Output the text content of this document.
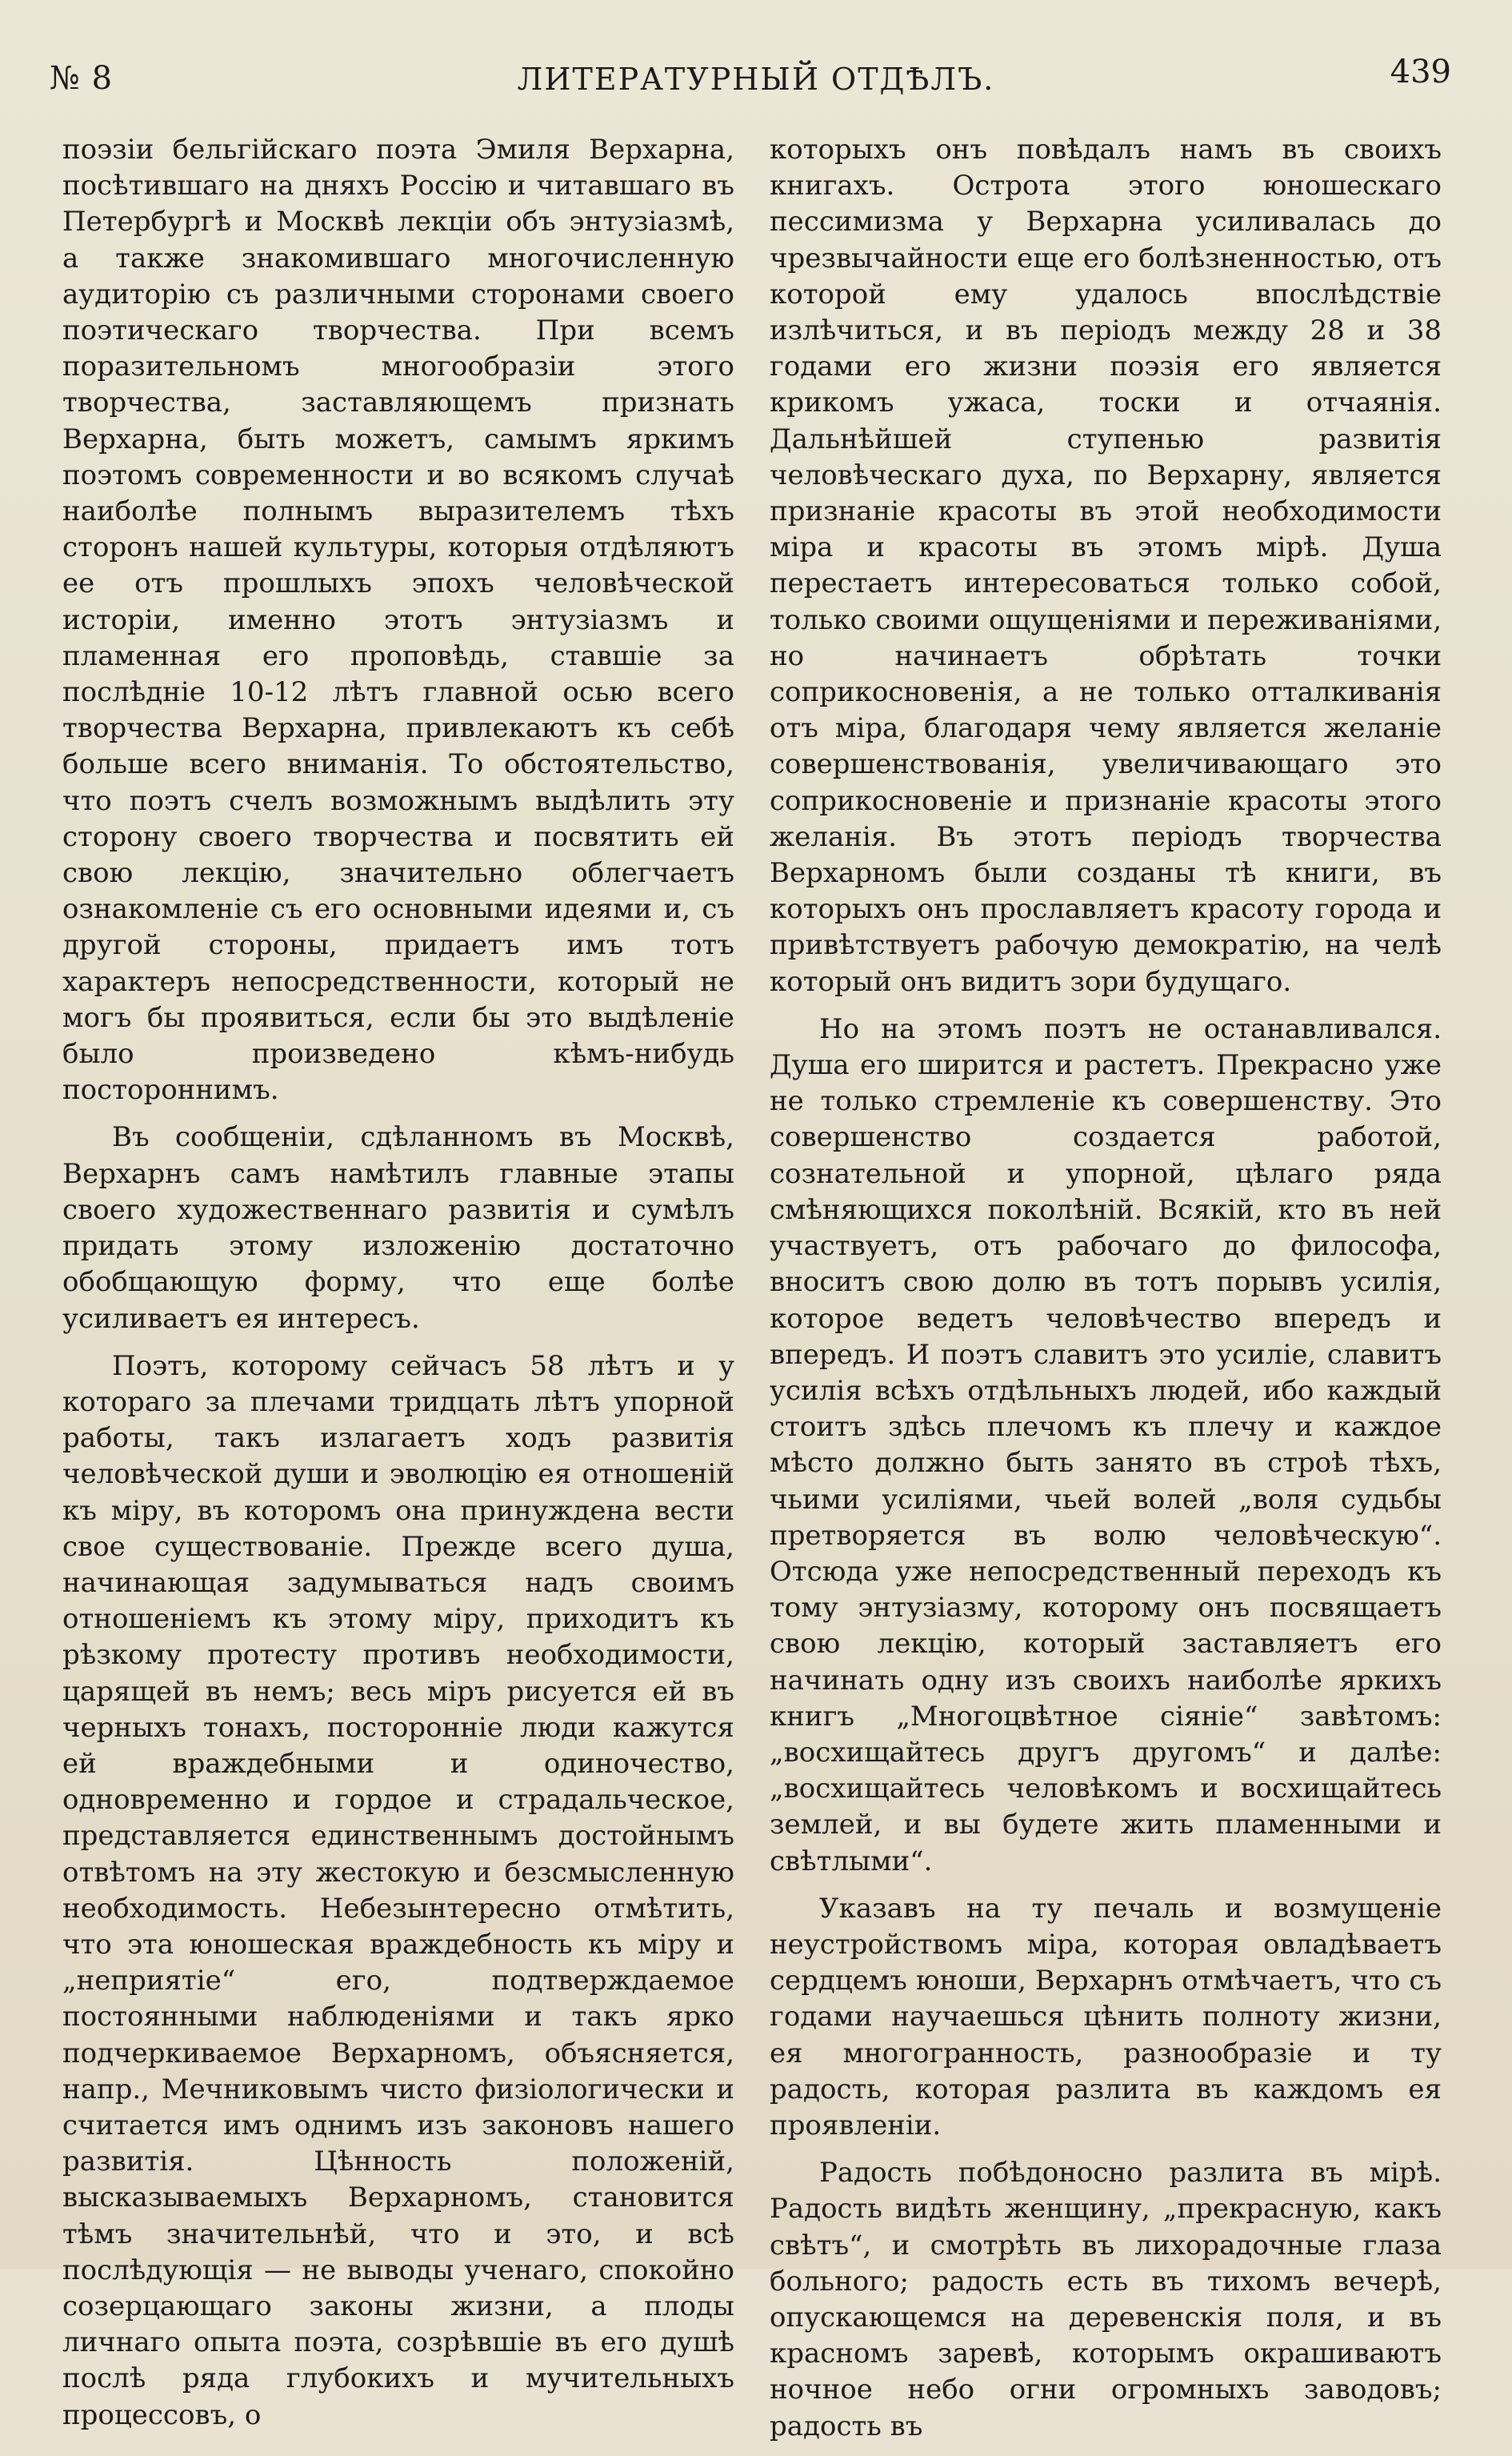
№ 8	ЛИТЕРАТУРНЫЙ ОТДѢЛЪ.	439

поэзіи бельгійскаго поэта Эмиля Верхарна, посѣтившаго на дняхъ Россію и читавшаго въ Петербургѣ и Москвѣ лекціи объ энтузіазмѣ, а также знакомившаго многочисленную аудиторію съ различными сторонами своего поэтическаго творчества. При всемъ поразительномъ многообразіи этого творчества, заставляющемъ признать Верхарна, быть можетъ, самымъ яркимъ поэтомъ современности и во всякомъ случаѣ наиболѣе полнымъ выразителемъ тѣхъ сторонъ нашей культуры, которыя отдѣляютъ ее отъ прошлыхъ эпохъ человѣческой исторіи, именно этотъ энтузіазмъ и пламенная его проповѣдь, ставшіе за послѣдніе 10-12 лѣтъ главной осью всего творчества Верхарна, привлекаютъ къ себѣ больше всего вниманія. То обстоятельство, что поэтъ счелъ возможнымъ выдѣлить эту сторону своего творчества и посвятить ей свою лекцію, значительно облегчаетъ ознакомленіе съ его основными идеями и, съ другой стороны, придаетъ имъ тотъ характеръ непосредственности, который не могъ бы проявиться, если бы это выдѣленіе было произведено кѣмъ-нибудь постороннимъ.

Въ сообщеніи, сдѣланномъ въ Москвѣ, Верхарнъ самъ намѣтилъ главные этапы своего художественнаго развитія и сумѣлъ придать этому изложенію достаточно обобщающую форму, что еще болѣе усиливаетъ ея интересъ.

Поэтъ, которому сейчасъ 58 лѣтъ и у котораго за плечами тридцать лѣтъ упорной работы, такъ излагаетъ ходъ развитія человѣческой души и эволюцію ея отношеній къ міру, въ которомъ она принуждена вести свое существованіе. Прежде всего душа, начинающая задумываться надъ своимъ отношеніемъ къ этому міру, приходитъ къ рѣзкому протесту противъ необходимости, царящей въ немъ; весь міръ рисуется ей въ черныхъ тонахъ, посторонніе люди кажутся ей враждебными и одиночество, одновременно и гордое и страдальческое, представляется единственнымъ достойнымъ отвѣтомъ на эту жестокую и безсмысленную необходимость. Небезынтересно отмѣтить, что эта юношеская враждебность къ міру и „неприятіе“ его, подтверждаемое постоянными наблюденіями и такъ ярко подчеркиваемое Верхарномъ, объясняется, напр., Мечниковымъ чисто физіологически и считается имъ однимъ изъ законовъ нашего развитія. Цѣнность положеній, высказываемыхъ Верхарномъ, становится тѣмъ значительнѣй, что и это, и всѣ послѣдующія — не выводы ученаго, спокойно созерцающаго законы жизни, а плоды личнаго опыта поэта, созрѣвшіе въ его душѣ послѣ ряда глубокихъ и мучительныхъ процессовъ, о

которыхъ онъ повѣдалъ намъ въ своихъ книгахъ. Острота этого юношескаго пессимизма у Верхарна усиливалась до чрезвычайности еще его болѣзненностью, отъ которой ему удалось впослѣдствіе излѣчиться, и въ періодъ между 28 и 38 годами его жизни поэзія его является крикомъ ужаса, тоски и отчаянія. Дальнѣйшей ступенью развитія человѣческаго духа, по Верхарну, является признаніе красоты въ этой необходимости міра и красоты въ этомъ мірѣ. Душа перестаетъ интересоваться только собой, только своими ощущеніями и переживаніями, но начинаетъ обрѣтать точки соприкосновенія, а не только отталкиванія отъ міра, благодаря чему является желаніе совершенствованія, увеличивающаго это соприкосновеніе и признаніе красоты этого желанія. Въ этотъ періодъ творчества Верхарномъ были созданы тѣ книги, въ которыхъ онъ прославляетъ красоту города и привѣтствуетъ рабочую демократію, на челѣ который онъ видитъ зори будущаго.

Но на этомъ поэтъ не останавливался. Душа его ширится и растетъ. Прекрасно уже не только стремленіе къ совершенству. Это совершенство создается работой, сознательной и упорной, цѣлаго ряда смѣняющихся поколѣній. Всякій, кто въ ней участвуетъ, отъ рабочаго до философа, вноситъ свою долю въ тотъ порывъ усилія, которое ведетъ человѣчество впередъ и впередъ. И поэтъ славитъ это усиліе, славитъ усилія всѣхъ отдѣльныхъ людей, ибо каждый стоитъ здѣсь плечомъ къ плечу и каждое мѣсто должно быть занято въ строѣ тѣхъ, чьими усиліями, чьей волей „воля судьбы претворяется въ волю человѣческую“. Отсюда уже непосредственный переходъ къ тому энтузіазму, которому онъ посвящаетъ свою лекцію, который заставляетъ его начинать одну изъ своихъ наиболѣе яркихъ книгъ „Многоцвѣтное сіяніе“ завѣтомъ: „восхищайтесь другъ другомъ“ и далѣе: „восхищайтесь человѣкомъ и восхищайтесь землей, и вы будете жить пламенными и свѣтлыми“.

Указавъ на ту печаль и возмущеніе неустройствомъ міра, которая овладѣваетъ сердцемъ юноши, Верхарнъ отмѣчаетъ, что съ годами научаешься цѣнить полноту жизни, ея многогранность, разнообразіе и ту радость, которая разлита въ каждомъ ея проявленіи.

Радость побѣдоносно разлита въ мірѣ. Радость видѣть женщину, „прекрасную, какъ свѣтъ“, и смотрѣть въ лихорадочные глаза больного; радость есть въ тихомъ вечерѣ, опускающемся на деревенскія поля, и въ красномъ заревѣ, которымъ окрашиваютъ ночное небо огни огромныхъ заводовъ; радость въ
